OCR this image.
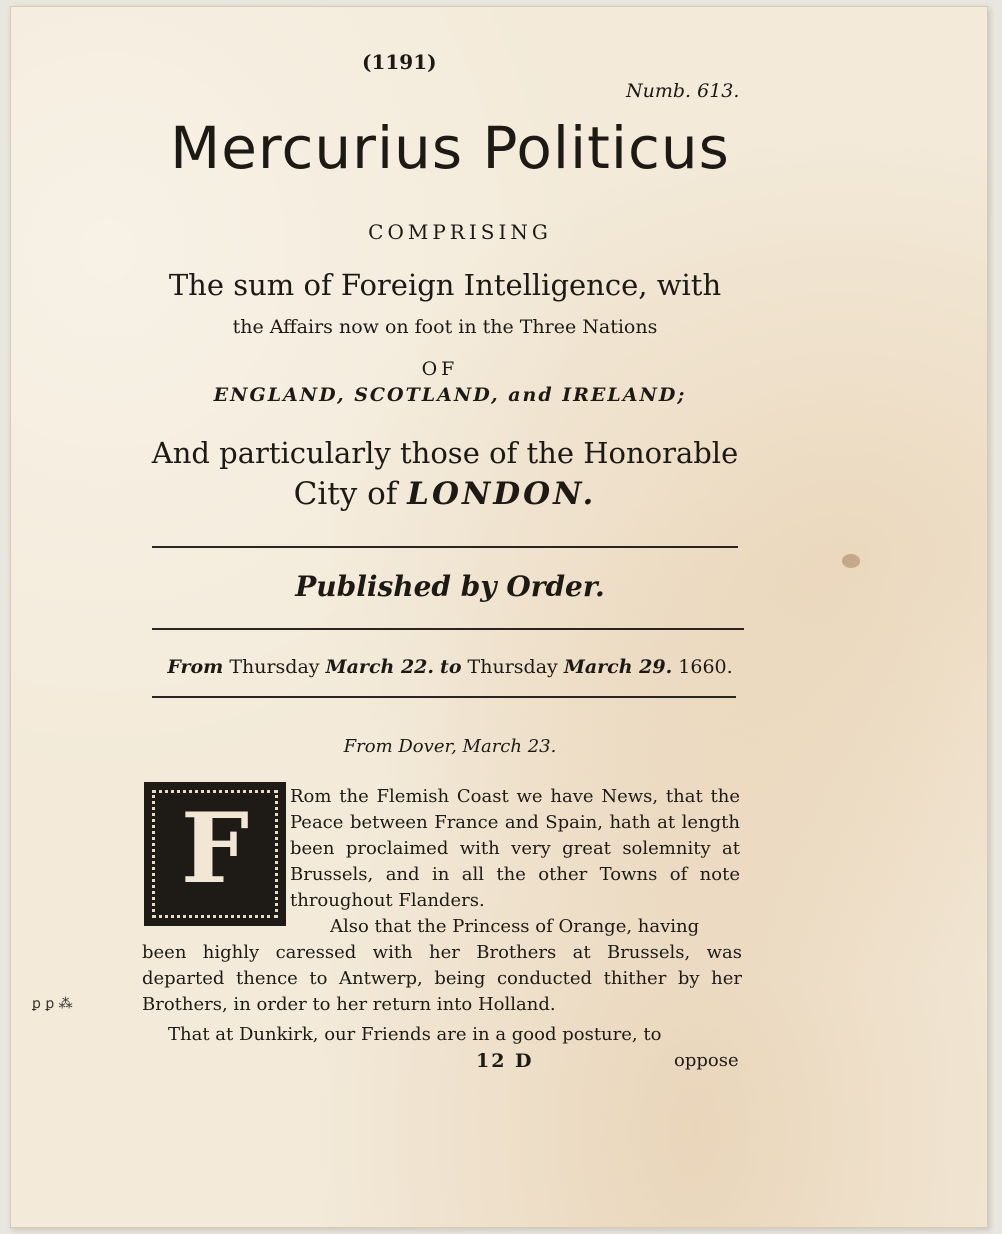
(1191)
Numb. 613.
Mercurius Politicus
COMPRISING
The sum of Foreign Intelligence, with
the Affairs now on foot in the Three Nations
OF
ENGLAND, SCOTLAND, and IRELAND;
And particularly those of the Honorable
City of LONDON.
Published by Order.
From Thursday March 22. to Thursday March 29. 1660.
From Dover, March 23.
F	Rom the Flemish Coast we have News, that the Peace between France and Spain, hath at length been proclaimed with very great solemnity at Brussels, and in all the other Towns of note throughout Flanders.

Also that the Princess of Orange, having

been highly caressed with her Brothers at Brussels, was departed thence to Antwerp, being conducted thither by her Brothers, in order to her return into Holland.

That at Dunkirk, our Friends are in a good posture, to

12 D	oppose
ꝑ ꝑ ⁂
